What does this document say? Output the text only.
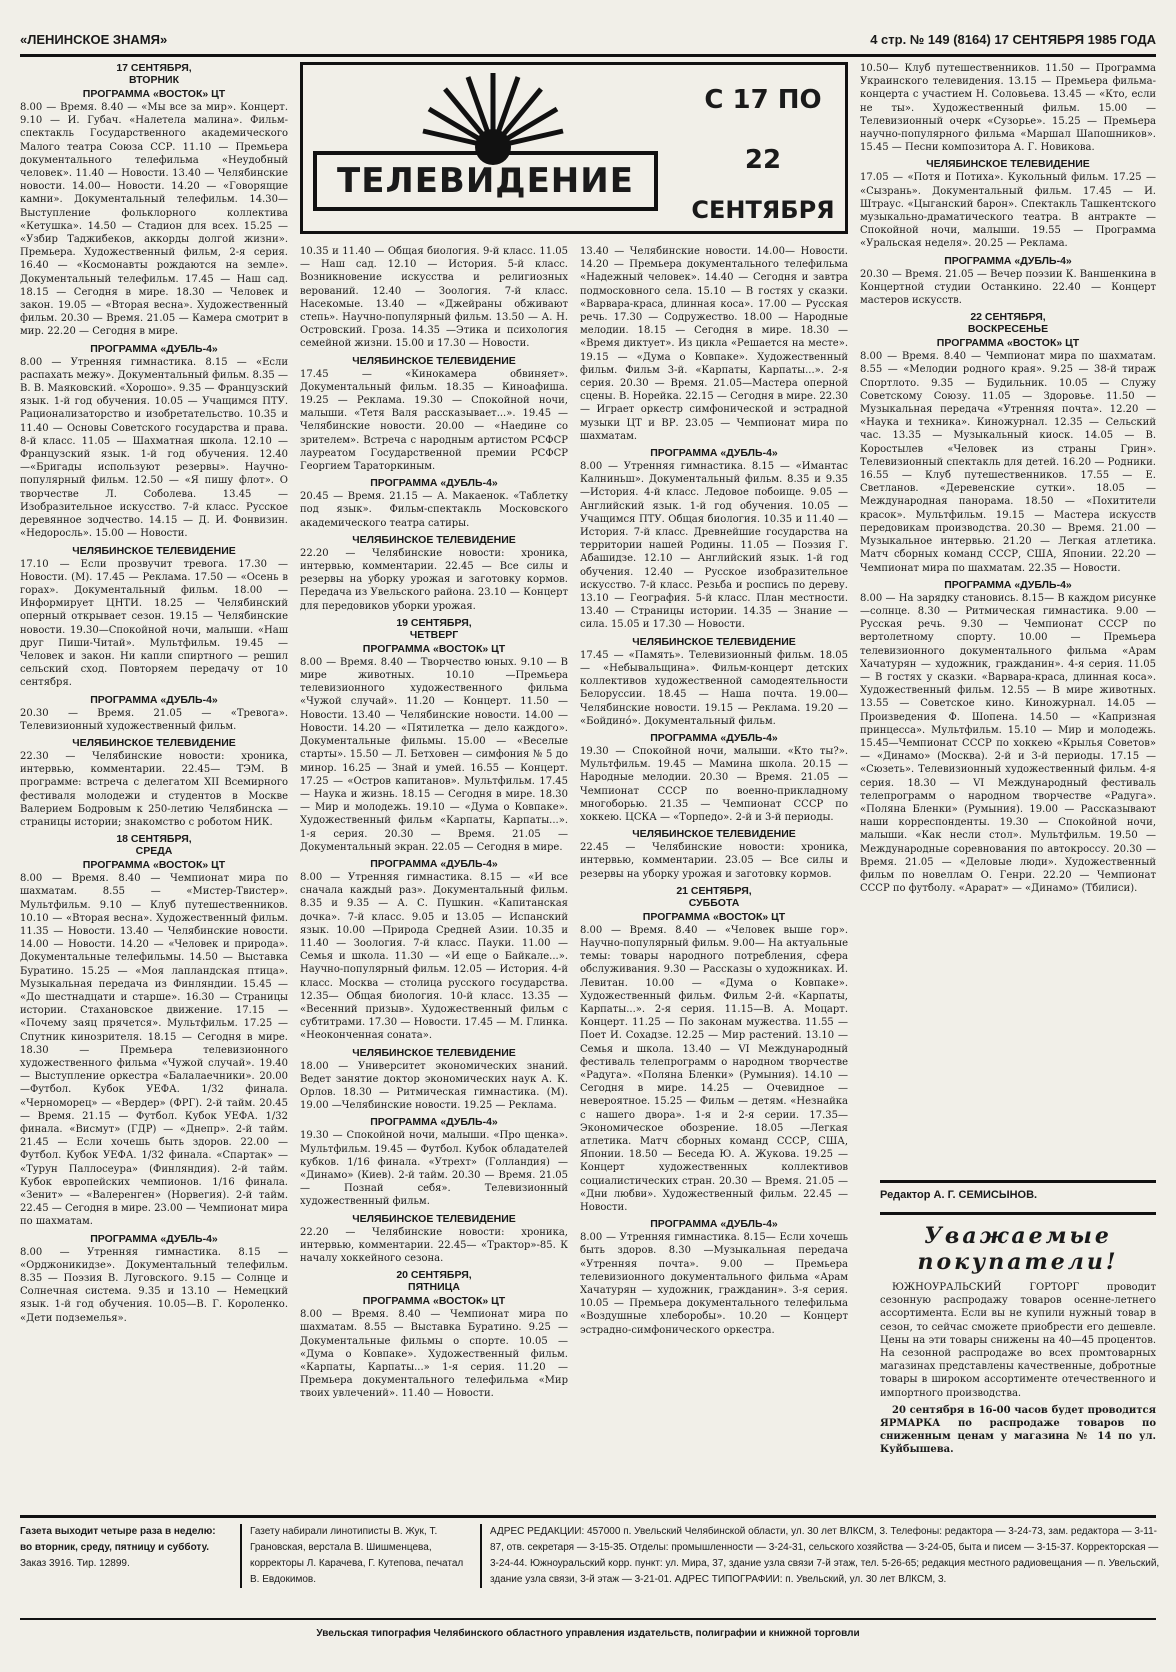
«ЛЕНИНСКОЕ ЗНАМЯ»	4 стр. № 149 (8164) 17 СЕНТЯБРЯ 1985 ГОДА
ТЕЛЕВИДЕНИЕ
С 17 ПО 22
СЕНТЯБРЯ
17 СЕНТЯБРЯ,
ВТОРНИК
ПРОГРАММА «ВОСТОК» ЦТ

8.00 — Время. 8.40 — «Мы все за мир». Концерт. 9.10 — И. Губач. «Налетела малина». Фильм-спектакль Государственного академического Малого театра Союза ССР. 11.10 — Премьера документального телефильма «Неудобный человек». 11.40 — Новости. 13.40 — Челябинские новости. 14.00— Новости. 14.20 — «Говорящие камни». Документальный телефильм. 14.30— Выступление фольклорного коллектива «Кетушка». 14.50 — Стадион для всех. 15.25 — «Узбир Таджибеков, аккорды долгой жизни». Премьера. Художественный фильм, 2-я серия. 16.40 — «Космонавты рождаются на земле». Документальный телефильм. 17.45 — Наш сад. 18.15 — Сегодня в мире. 18.30 — Человек и закон. 19.05 — «Вторая весна». Художественный фильм. 20.30 — Время. 21.05 — Камера смотрит в мир. 22.20 — Сегодня в мире.

ПРОГРАММА «ДУБЛЬ-4»

8.00 — Утренняя гимнастика. 8.15 — «Если распахать межу». Документальный фильм. 8.35 — В. В. Маяковский. «Хорошо». 9.35 — Французский язык. 1-й год обучения. 10.05 — Учащимся ПТУ. Рационализаторство и изобретательство. 10.35 и 11.40 — Основы Советского государства и права. 8-й класс. 11.05 — Шахматная школа. 12.10 — Французский язык. 1-й год обучения. 12.40—«Бригады используют резервы». Научно-популярный фильм. 12.50 — «Я пишу флот». О творчестве Л. Соболева. 13.45 — Изобразительное искусство. 7-й класс. Русское деревянное зодчество. 14.15 — Д. И. Фонвизин. «Недоросль». 15.00 — Новости.

ЧЕЛЯБИНСКОЕ ТЕЛЕВИДЕНИЕ

17.10 — Если прозвучит тревога. 17.30 — Новости. (М). 17.45 — Реклама. 17.50 — «Осень в горах». Документальный фильм. 18.00 — Информирует ЦНТИ. 18.25 — Челябинский оперный открывает сезон. 19.15 — Челябинские новости. 19.30—Спокойной ночи, малыши. «Наш друг Пиши-Читай». Мультфильм. 19.45 — Человек и закон. Ни капли спиртного — решил сельский сход. Повторяем передачу от 10 сентября.

ПРОГРАММА «ДУБЛЬ-4»

20.30 — Время. 21.05 — «Тревога». Телевизионный художественный фильм.

ЧЕЛЯБИНСКОЕ ТЕЛЕВИДЕНИЕ

22.30 — Челябинские новости: хроника, интервью, комментарии. 22.45— ТЭМ. В программе: встреча с делегатом XII Всемирного фестиваля молодежи и студентов в Москве Валерием Бодровым к 250-летию Челябинска — страницы истории; знакомство с роботом НИК.

18 СЕНТЯБРЯ,
СРЕДА
ПРОГРАММА «ВОСТОК» ЦТ

8.00 — Время. 8.40 — Чемпионат мира по шахматам. 8.55 — «Мистер-Твистер». Мультфильм. 9.10 — Клуб путешественников. 10.10 — «Вторая весна». Художественный фильм. 11.35 — Новости. 13.40 — Челябинские новости. 14.00 — Новости. 14.20 — «Человек и природа». Документальные телефильмы. 14.50 — Выставка Буратино. 15.25 — «Моя лапландская птица». Музыкальная передача из Финляндии. 15.45 — «До шестнадцати и старше». 16.30 — Страницы истории. Стахановское движение. 17.15 — «Почему заяц прячется». Мультфильм. 17.25 — Спутник кинозрителя. 18.15 — Сегодня в мире. 18.30 — Премьера телевизионного художественного фильма «Чужой случай». 19.40 — Выступление оркестра «Балалаечники». 20.00—Футбол. Кубок УЕФА. 1/32 финала. «Черноморец» — «Вердер» (ФРГ). 2-й тайм. 20.45 — Время. 21.15 — Футбол. Кубок УЕФА. 1/32 финала. «Висмут» (ГДР) — «Днепр». 2-й тайм. 21.45 — Если хочешь быть здоров. 22.00 — Футбол. Кубок УЕФА. 1/32 финала. «Спартак» — «Турун Паллосеура» (Финляндия). 2-й тайм. Кубок европейских чемпионов. 1/16 финала. «Зенит» — «Валеренген» (Норвегия). 2-й тайм. 22.45 — Сегодня в мире. 23.00 — Чемпионат мира по шахматам.

ПРОГРАММА «ДУБЛЬ-4»

8.00 — Утренняя гимнастика. 8.15 — «Орджоникидзе». Документальный телефильм. 8.35 — Поэзия В. Луговского. 9.15 — Солнце и Солнечная система. 9.35 и 13.10 — Немецкий язык. 1-й год обучения. 10.05—В. Г. Короленко. «Дети подземелья».

10.35 и 11.40 — Общая биология. 9-й класс. 11.05 — Наш сад. 12.10 — История. 5-й класс. Возникновение искусства и религиозных верований. 12.40 — Зоология. 7-й класс. Насекомые. 13.40 — «Джейраны обживают степь». Научно-популярный фильм. 13.50 — А. Н. Островский. Гроза. 14.35 —Этика и психология семейной жизни. 15.00 и 17.30 — Новости.

ЧЕЛЯБИНСКОЕ ТЕЛЕВИДЕНИЕ

17.45 — «Кинокамера обвиняет». Документальный фильм. 18.35 — Киноафиша. 19.25 — Реклама. 19.30 — Спокойной ночи, малыши. «Тетя Валя рассказывает...». 19.45 — Челябинские новости. 20.00 — «Наедине со зрителем». Встреча с народным артистом РСФСР лауреатом Государственной премии РСФСР Георгием Тараторкиным.

ПРОГРАММА «ДУБЛЬ-4»

20.45 — Время. 21.15 — А. Макаенок. «Таблетку под язык». Фильм-спектакль Московского академического театра сатиры.

ЧЕЛЯБИНСКОЕ ТЕЛЕВИДЕНИЕ

22.20 — Челябинские новости: хроника, интервью, комментарии. 22.45 — Все силы и резервы на уборку урожая и заготовку кормов. Передача из Увельского района. 23.10 — Концерт для передовиков уборки урожая.

19 СЕНТЯБРЯ,
ЧЕТВЕРГ
ПРОГРАММА «ВОСТОК» ЦТ

8.00 — Время. 8.40 — Творчество юных. 9.10 — В мире животных. 10.10 —Премьера телевизионного художественного фильма «Чужой случай». 11.20 — Концерт. 11.50 — Новости. 13.40 — Челябинские новости. 14.00 — Новости. 14.20 — «Пятилетка — дело каждого». Документальные фильмы. 15.00 — «Веселые старты». 15.50 — Л. Бетховен — симфония № 5 до минор. 16.25 — Знай и умей. 16.55 — Концерт. 17.25 — «Остров капитанов». Мультфильм. 17.45 — Наука и жизнь. 18.15 — Сегодня в мире. 18.30 — Мир и молодежь. 19.10 — «Дума о Ковпаке». Художественный фильм «Карпаты, Карпаты...». 1-я серия. 20.30 — Время. 21.05 — Документальный экран. 22.05 — Сегодня в мире.

ПРОГРАММА «ДУБЛЬ-4»

8.00 — Утренняя гимнастика. 8.15 — «И все сначала каждый раз». Документальный фильм. 8.35 и 9.35 — А. С. Пушкин. «Капитанская дочка». 7-й класс. 9.05 и 13.05 — Испанский язык. 10.00 —Природа Средней Азии. 10.35 и 11.40 — Зоология. 7-й класс. Пауки. 11.00 — Семья и школа. 11.30 — «И еще о Байкале...». Научно-популярный фильм. 12.05 — История. 4-й класс. Москва — столица русского государства. 12.35— Общая биология. 10-й класс. 13.35 — «Весенний призыв». Художественный фильм с субтитрами. 17.30 — Новости. 17.45 — М. Глинка. «Неоконченная соната».

ЧЕЛЯБИНСКОЕ ТЕЛЕВИДЕНИЕ

18.00 — Университет экономических знаний. Ведет занятие доктор экономических наук А. К. Орлов. 18.30 — Ритмическая гимнастика. (М). 19.00 —Челябинские новости. 19.25 — Реклама.

ПРОГРАММА «ДУБЛЬ-4»

19.30 — Спокойной ночи, малыши. «Про щенка». Мультфильм. 19.45 — Футбол. Кубок обладателей кубков. 1/16 финала. «Утрехт» (Голландия) — «Динамо» (Киев). 2-й тайм. 20.30 — Время. 21.05 — Познай себя». Телевизионный художественный фильм.

ЧЕЛЯБИНСКОЕ ТЕЛЕВИДЕНИЕ

22.20 — Челябинские новости: хроника, интервью, комментарии. 22.45— «Трактор»-85. К началу хоккейного сезона.

20 СЕНТЯБРЯ,
ПЯТНИЦА
ПРОГРАММА «ВОСТОК» ЦТ

8.00 — Время. 8.40 — Чемпионат мира по шахматам. 8.55 — Выставка Буратино. 9.25 — Документальные фильмы о спорте. 10.05 — «Дума о Ковпаке». Художественный фильм. «Карпаты, Карпаты...» 1-я серия. 11.20 — Премьера документального телефильма «Мир твоих увлечений». 11.40 — Новости.

13.40 — Челябинские новости. 14.00— Новости. 14.20 — Премьера документального телефильма «Надежный человек». 14.40 — Сегодня и завтра подмосковного села. 15.10 — В гостях у сказки. «Варвара-краса, длинная коса». 17.00 — Русская речь. 17.30 — Содружество. 18.00 — Народные мелодии. 18.15 — Сегодня в мире. 18.30 — «Время диктует». Из цикла «Решается на месте». 19.15 — «Дума о Ковпаке». Художественный фильм. Фильм 3-й. «Карпаты, Карпаты...». 2-я серия. 20.30 — Время. 21.05—Мастера оперной сцены. В. Норейка. 22.15 — Сегодня в мире. 22.30 — Играет оркестр симфонической и эстрадной музыки ЦТ и ВР. 23.05 — Чемпионат мира по шахматам.

ПРОГРАММА «ДУБЛЬ-4»

8.00 — Утренняя гимнастика. 8.15 — «Имантас Калниньш». Документальный фильм. 8.35 и 9.35—История. 4-й класс. Ледовое побоище. 9.05 — Английский язык. 1-й год обучения. 10.05 — Учащимся ПТУ. Общая биология. 10.35 и 11.40 — История. 7-й класс. Древнейшие государства на территории нашей Родины. 11.05 — Поэзия Г. Абашидзе. 12.10 — Английский язык. 1-й год обучения. 12.40 — Русское изобразительное искусство. 7-й класс. Резьба и роспись по дереву. 13.10 — География. 5-й класс. План местности. 13.40 — Страницы истории. 14.35 — Знание — сила. 15.05 и 17.30 — Новости.

ЧЕЛЯБИНСКОЕ ТЕЛЕВИДЕНИЕ

17.45 — «Память». Телевизионный фильм. 18.05 — «Небывальщина». Фильм-концерт детских коллективов художественной самодеятельности Белоруссии. 18.45 — Наша почта. 19.00— Челябинские новости. 19.15 — Реклама. 19.20 — «Бойдинó». Документальный фильм.

ПРОГРАММА «ДУБЛЬ-4»

19.30 — Спокойной ночи, малыши. «Кто ты?». Мультфильм. 19.45 — Мамина школа. 20.15 — Народные мелодии. 20.30 — Время. 21.05 — Чемпионат СССР по военно-прикладному многоборью. 21.35 — Чемпионат СССР по хоккею. ЦСКА — «Торпедо». 2-й и 3-й периоды.

ЧЕЛЯБИНСКОЕ ТЕЛЕВИДЕНИЕ

22.45 — Челябинские новости: хроника, интервью, комментарии. 23.05 — Все силы и резервы на уборку урожая и заготовку кормов.

21 СЕНТЯБРЯ,
СУББОТА
ПРОГРАММА «ВОСТОК» ЦТ

8.00 — Время. 8.40 — «Человек выше гор». Научно-популярный фильм. 9.00— На актуальные темы: товары народного потребления, сфера обслуживания. 9.30 — Рассказы о художниках. И. Левитан. 10.00 — «Дума о Ковпаке». Художественный фильм. Фильм 2-й. «Карпаты, Карпаты...». 2-я серия. 11.15—В. А. Моцарт. Концерт. 11.25 — По законам мужества. 11.55 — Поет И. Сохадзе. 12.25 — Мир растений. 13.10 — Семья и школа. 13.40 — VI Международный фестиваль телепрограмм о народном творчестве «Радуга». «Поляна Бленки» (Румыния). 14.10 — Сегодня в мире. 14.25 — Очевидное — невероятное. 15.25 — Фильм — детям. «Незнайка с нашего двора». 1-я и 2-я серии. 17.35— Экономическое обозрение. 18.05 —Легкая атлетика. Матч сборных команд СССР, США, Японии. 18.50 — Беседа Ю. А. Жукова. 19.25 — Концерт художественных коллективов социалистических стран. 20.30 — Время. 21.05 — «Дни любви». Художественный фильм. 22.45 — Новости.

ПРОГРАММА «ДУБЛЬ-4»

8.00 — Утренняя гимнастика. 8.15— Если хочешь быть здоров. 8.30 —Музыкальная передача «Утренняя почта». 9.00 — Премьера телевизионного документального фильма «Арам Хачатурян — художник, гражданин». 3-я серия. 10.05 — Премьера документального телефильма «Воздушные хлеборобы». 10.20 — Концерт эстрадно-симфонического оркестра.

10.50— Клуб путешественников. 11.50 — Программа Украинского телевидения. 13.15 — Премьера фильма-концерта с участием Н. Соловьева. 13.45 — «Кто, если не ты». Художественный фильм. 15.00 — Телевизионный очерк «Сузорье». 15.25 — Премьера научно-популярного фильма «Маршал Шапошников». 15.45 — Песни композитора А. Г. Новикова.

ЧЕЛЯБИНСКОЕ ТЕЛЕВИДЕНИЕ

17.05 — «Потя и Потиха». Кукольный фильм. 17.25 — «Сызрань». Документальный фильм. 17.45 — И. Штраус. «Цыганский барон». Спектакль Ташкентского музыкально-драматического театра. В антракте — Спокойной ночи, малыши. 19.55 — Программа «Уральская неделя». 20.25 — Реклама.

ПРОГРАММА «ДУБЛЬ-4»

20.30 — Время. 21.05 — Вечер поэзии К. Ваншенкина в Концертной студии Останкино. 22.40 — Концерт мастеров искусств.

22 СЕНТЯБРЯ,
ВОСКРЕСЕНЬЕ
ПРОГРАММА «ВОСТОК» ЦТ

8.00 — Время. 8.40 — Чемпионат мира по шахматам. 8.55 — «Мелодии родного края». 9.25 — 38-й тираж Спортлото. 9.35 — Будильник. 10.05 — Служу Советскому Союзу. 11.05 — Здоровье. 11.50 — Музыкальная передача «Утренняя почта». 12.20 — «Наука и техника». Киножурнал. 12.35 — Сельский час. 13.35 — Музыкальный киоск. 14.05 — В. Коростылев «Человек из страны Грин». Телевизионный спектакль для детей. 16.20 — Родники. 16.55 — Клуб путешественников. 17.55 — Е. Светланов. «Деревенские сутки». 18.05 — Международная панорама. 18.50 — «Похитители красок». Мультфильм. 19.15 — Мастера искусств передовикам производства. 20.30 — Время. 21.00 — Музыкальное интервью. 21.20 — Легкая атлетика. Матч сборных команд СССР, США, Японии. 22.20 — Чемпионат мира по шахматам. 22.35 — Новости.

ПРОГРАММА «ДУБЛЬ-4»

8.00 — На зарядку становись. 8.15— В каждом рисунке—солнце. 8.30 — Ритмическая гимнастика. 9.00 — Русская речь. 9.30 — Чемпионат СССР по вертолетному спорту. 10.00 — Премьера телевизионного документального фильма «Арам Хачатурян — художник, гражданин». 4-я серия. 11.05 — В гостях у сказки. «Варвара-краса, длинная коса». Художественный фильм. 12.55 — В мире животных. 13.55 — Советское кино. Киножурнал. 14.05 — Произведения Ф. Шопена. 14.50 — «Капризная принцесса». Мультфильм. 15.10 — Мир и молодежь. 15.45—Чемпионат СССР по хоккею «Крылья Советов» — «Динамо» (Москва). 2-й и 3-й периоды. 17.15 — «Сюзеть». Телевизионный художественный фильм. 4-я серия. 18.30 — VI Международный фестиваль телепрограмм о народном творчестве «Радуга». «Поляна Бленки» (Румыния). 19.00 — Рассказывают наши корреспонденты. 19.30 — Спокойной ночи, малыши. «Как несли стол». Мультфильм. 19.50 — Международные соревнования по автокроссу. 20.30 — Время. 21.05 — «Деловые люди». Художественный фильм по новеллам О. Генри. 22.20 — Чемпионат СССР по футболу. «Арарат» — «Динамо» (Тбилиси).

Редактор А. Г. СЕМИСЫНОВ.
Уважаемые
покупатели!

ЮЖНОУРАЛЬСКИЙ ГОРТОРГ проводит сезонную распродажу товаров осенне-летнего ассортимента. Если вы не купили нужный товар в сезон, то сейчас сможете приобрести его дешевле. Цены на эти товары снижены на 40—45 процентов. На сезонной распродаже во всех промтоварных магазинах представлены качественные, добротные товары в широком ассортименте отечественного и импортного производства.

20 сентября в 16-00 часов будет проводится ЯРМАРКА по распродаже товаров по сниженным ценам у магазина № 14 по ул. Куйбышева.

Газета выходит четыре раза в неделю: во вторник, среду, пятницу и субботу.
Заказ 3916. Тир. 12899.
Газету набирали линотиписты В. Жук, Т. Грановская, верстала В. Шишменцева, корректоры Л. Карачева, Г. Кутепова, печатал В. Евдокимов.
АДРЕС РЕДАКЦИИ: 457000 п. Увельский Челябинской области, ул. 30 лет ВЛКСМ, 3. Телефоны: редактора — 3-24-73, зам. редактора — 3-11-87, отв. секретаря — 3-15-35. Отделы: промышленности — 3-24-31, сельского хозяйства — 3-24-05, быта и писем — 3-15-37. Корректорская — 3-24-44. Южноуральский корр. пункт: ул. Мира, 37, здание узла связи 7-й этаж, тел. 5-26-65; редакция местного радиовещания — п. Увельский, здание узла связи, 3-й этаж — 3-21-01. АДРЕС ТИПОГРАФИИ: п. Увельский, ул. 30 лет ВЛКСМ, 3.
Увельская типография Челябинского областного управления издательств, полиграфии и книжной торговли
